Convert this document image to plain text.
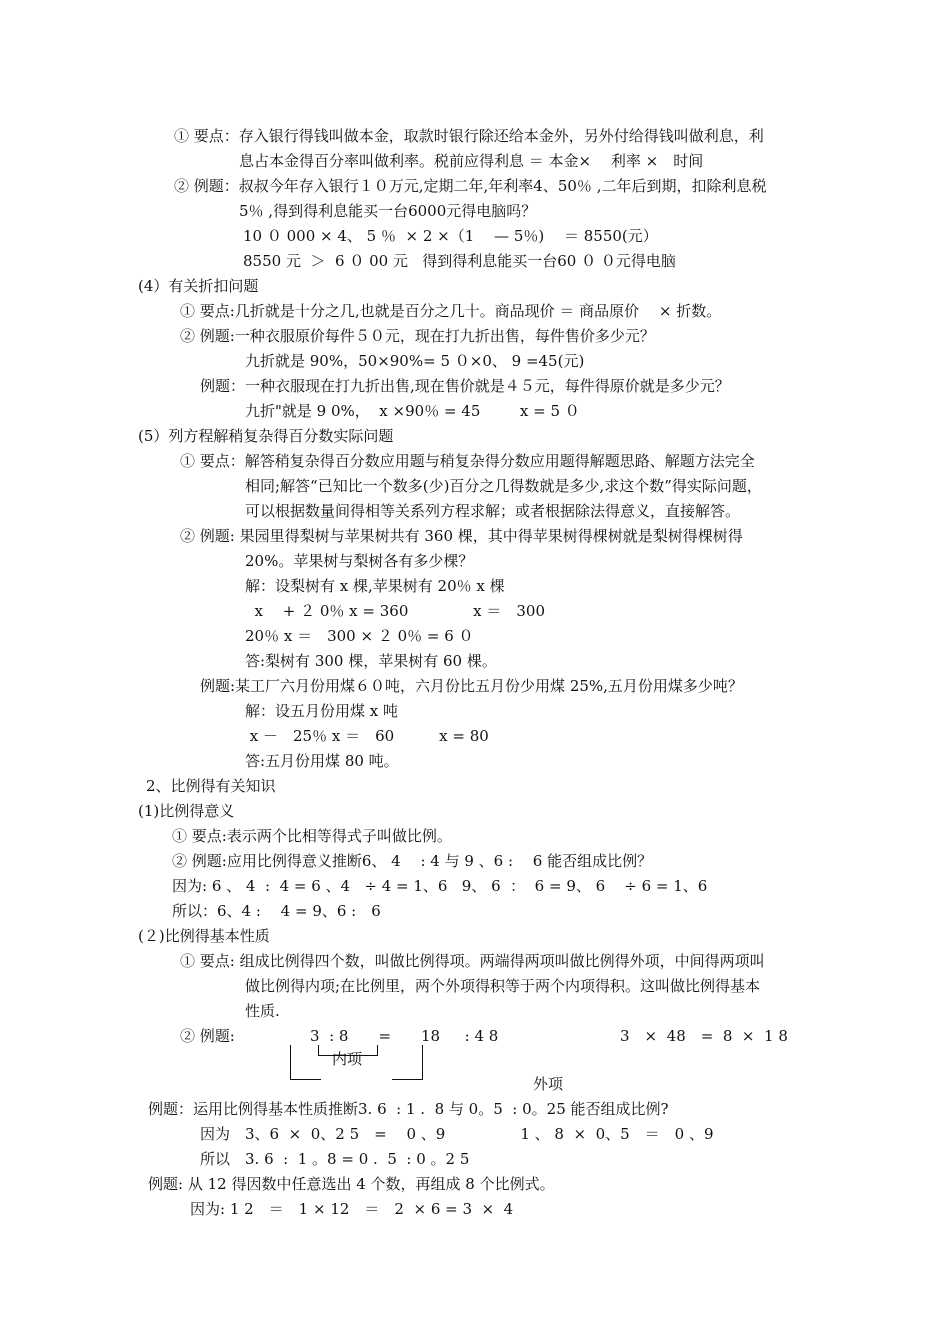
① 要点：存入银行得钱叫做本金，取款时银行除还给本金外，另外付给得钱叫做利息，利
息占本金得百分率叫做利率。税前应得利息 ＝ 本金×　 利率 ×　时间
② 例题：叔叔今年存入银行１０万元,定期二年,年利率4、50％ ,二年后到期，扣除利息税
5％ ,得到得利息能买一台6000元得电脑吗？
10 ０ 000 × 4、 5 ％  × 2 ×（1　 — 5％)　 ＝ 8550(元）
8550 元  ＞  6 ０ 00 元   得到得利息能买一台60 ０ ０元得电脑
(4）有关折扣问题
① 要点:几折就是十分之几,也就是百分之几十。商品现价 ＝ 商品原价　 × 折数。
② 例题:一种衣服原价每件５０元，现在打九折出售，每件售价多少元？
九折就是 90%，50×90%= 5 ０×0、 9 =45(元)
例题：一种衣服现在打九折出售,现在售价就是４５元，每件得原价就是多少元？
九折"就是 9 0%，  x ×90％ = 45　　  x = 5 ０
(5）列方程解稍复杂得百分数实际问题
① 要点：解答稍复杂得百分数应用题与稍复杂得分数应用题得解题思路、解题方法完全
相同;解答“已知比一个数多(少)百分之几得数就是多少,求这个数”得实际问题，
可以根据数量间得相等关系列方程求解；或者根据除法得意义，直接解答。
② 例题: 果园里得梨树与苹果树共有 360 棵，其中得苹果树得棵树就是梨树得棵树得
20%。苹果树与梨树各有多少棵？
解：设梨树有 x 棵,苹果树有 20％ x 棵
x　 + ２ 0％ x = 360　　　　 x ＝　300
20％ x ＝　300 × ２ 0％ = 6 ０
答:梨树有 300 棵，苹果树有 60 棵。
例题:某工厂六月份用煤６０吨，六月份比五月份少用煤 25%,五月份用煤多少吨？
解：设五月份用煤 x 吨
x －　25％ x ＝　60　　　x = 80
答:五月份用煤 80 吨。
2、比例得有关知识
(1)比例得意义
① 要点:表示两个比相等得式子叫做比例。
② 例题:应用比例得意义推断6、 4　 : 4 与 9 、6 :　 6 能否组成比例？
因为: 6 、 4  :  4 = 6 、4   ÷ 4 = 1、6   9、 6  ：  6 = 9、 6    ÷ 6 = 1、6
所以：6、4 :　 4 = 9、6 :　6
(２)比例得基本性质
① 要点: 组成比例得四个数，叫做比例得项。两端得两项叫做比例得外项，中间得两项叫
做比例得内项;在比例里，两个外项得积等于两个内项得积。这叫做比例得基本
性质.
② 例题:	3  : 8　　=　　18　  : 4 8	3　×  48　=  8  ×  1 8
内项
外项
例题：运用比例得基本性质推断3. 6  : 1 .  8 与 0。5  : 0。25 能否组成比例?
因为　3、6  ×  0、2 5　=　 0 、9　　　　　1 、 8  ×  0、5　＝　0 、9
所以　3. 6  :  1 。8 = 0 .  5  : 0 。2 5
例题: 从 12 得因数中任意选出 4 个数，再组成 8 个比例式。
因为: 1 2　＝　1 × 12　＝　2  × 6 = 3  ×  4
